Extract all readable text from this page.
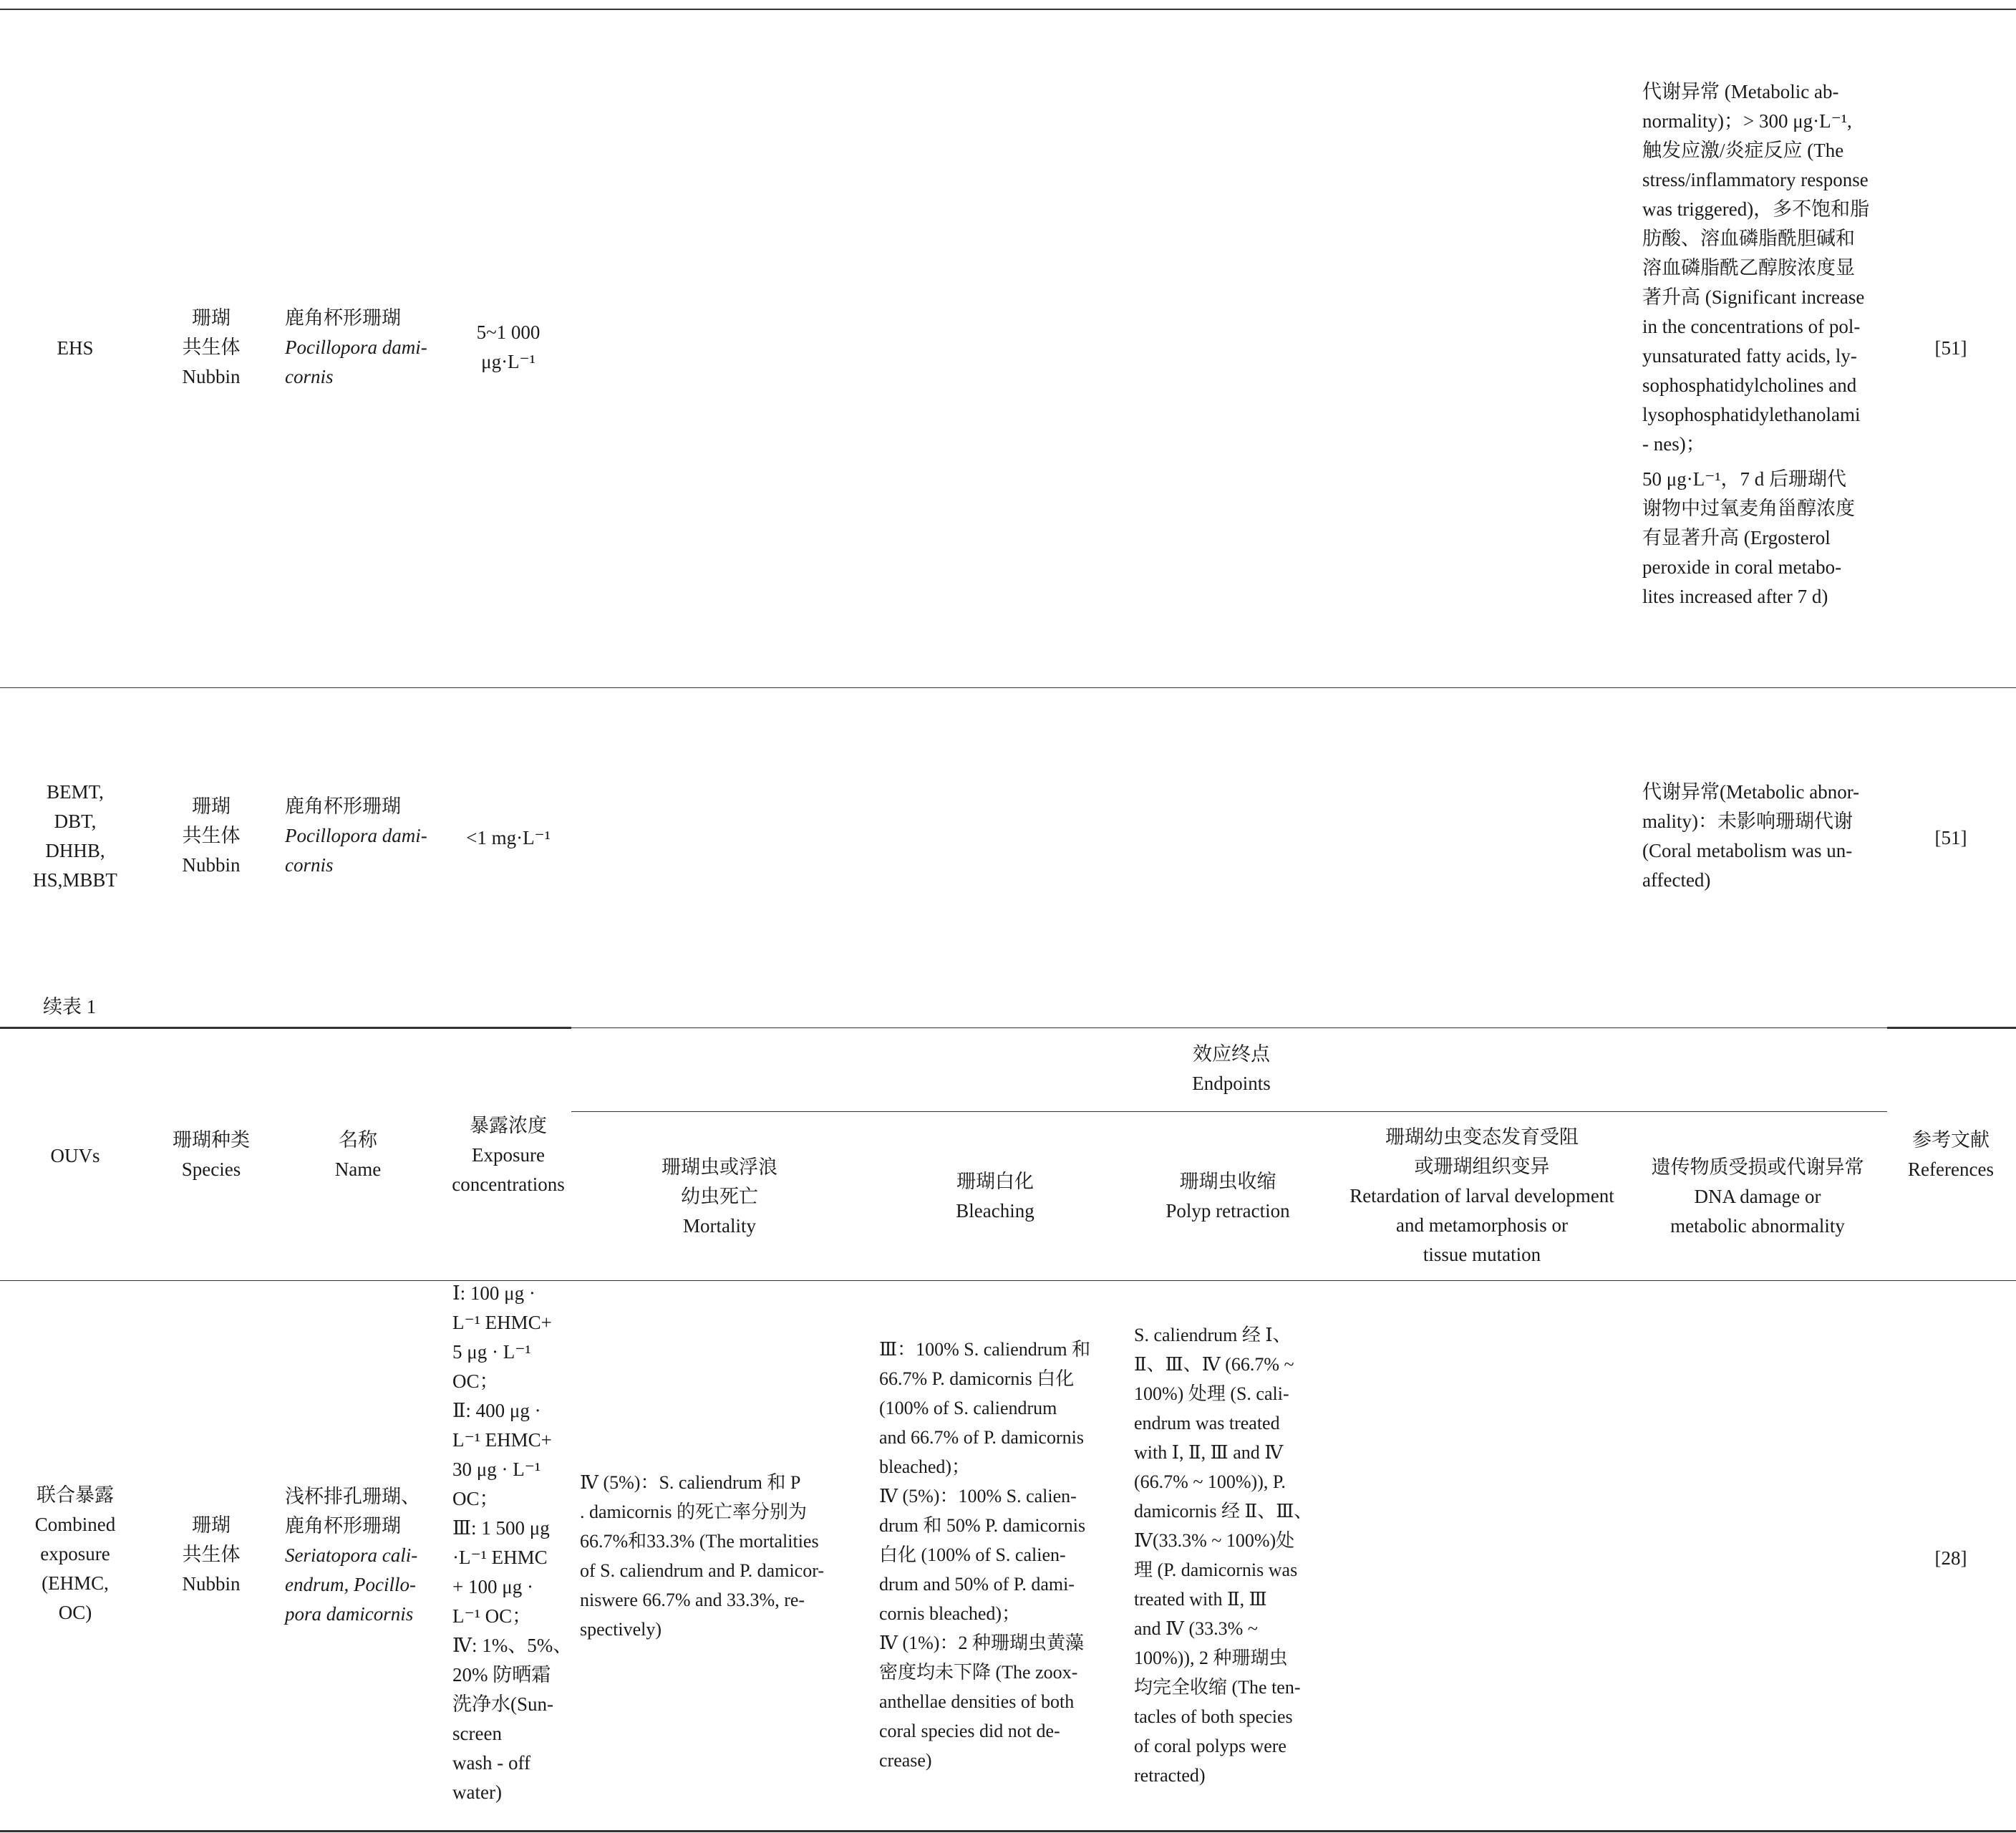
EHS
珊瑚
共生体
Nubbin
鹿角杯形珊瑚
Pocillopora dami-
cornis
5~1 000
μg·L⁻¹
代谢异常 (Metabolic ab-
normality)；> 300 μg·L⁻¹,
触发应激/炎症反应 (The
stress/inflammatory response
was triggered)，多不饱和脂
肪酸、溶血磷脂酰胆碱和
溶血磷脂酰乙醇胺浓度显
著升高 (Significant increase
in the concentrations of pol-
yunsaturated fatty acids, ly-
sophosphatidylcholines and
lysophosphatidylethanolami
- nes)；
50 μg·L⁻¹，7 d 后珊瑚代
谢物中过氧麦角甾醇浓度
有显著升高 (Ergosterol
peroxide in coral metabo-
lites increased after 7 d)
[51]
BEMT,
DBT,
DHHB,
HS,MBBT
珊瑚
共生体
Nubbin
鹿角杯形珊瑚
Pocillopora dami-
cornis
<1 mg·L⁻¹
代谢异常(Metabolic abnor-
mality)：未影响珊瑚代谢
(Coral metabolism was un-
affected)
[51]
续表 1
OUVs
珊瑚种类
Species
名称
Name
暴露浓度
Exposure
concentrations
效应终点
Endpoints
珊瑚虫或浮浪
幼虫死亡
Mortality
珊瑚白化
Bleaching
珊瑚虫收缩
Polyp retraction
珊瑚幼虫变态发育受阻
或珊瑚组织变异
Retardation of larval development
and metamorphosis or
tissue mutation
遗传物质受损或代谢异常
DNA damage or
metabolic abnormality
参考文献
References
联合暴露
Combined
exposure
(EHMC,
OC)
珊瑚
共生体
Nubbin
浅杯排孔珊瑚、
鹿角杯形珊瑚
Seriatopora cali-
endrum, Pocillo-
pora damicornis
Ⅰ: 100 μg ·
L⁻¹ EHMC+
5 μg · L⁻¹
OC；
Ⅱ: 400 μg ·
L⁻¹ EHMC+
30 μg · L⁻¹
OC；
Ⅲ: 1 500 μg
·L⁻¹ EHMC
+ 100 μg ·
L⁻¹ OC；
Ⅳ: 1%、5%、
20% 防晒霜
洗净水(Sun-
screen
wash - off
water)
Ⅳ (5%)：S. caliendrum 和 P
. damicornis 的死亡率分别为
66.7%和33.3% (The mortalities
of S. caliendrum and P. damicor-
niswere 66.7% and 33.3%, re-
spectively)
Ⅲ：100% S. caliendrum 和
66.7% P. damicornis 白化
(100% of S. caliendrum
and 66.7% of P. damicornis
bleached)；
Ⅳ (5%)：100% S. calien-
drum 和 50% P. damicornis
白化 (100% of S. calien-
drum and 50% of P. dami-
cornis bleached)；
Ⅳ (1%)：2 种珊瑚虫黄藻
密度均未下降 (The zoox-
anthellae densities of both
coral species did not de-
crease)
S. caliendrum 经 Ⅰ、
Ⅱ、Ⅲ、Ⅳ (66.7% ~
100%) 处理 (S. cali-
endrum was treated
with Ⅰ, Ⅱ, Ⅲ and Ⅳ
(66.7% ~ 100%)), P.
damicornis 经 Ⅱ、Ⅲ、
Ⅳ(33.3% ~ 100%)处
理 (P. damicornis was
treated with Ⅱ, Ⅲ
and Ⅳ (33.3% ~
100%)), 2 种珊瑚虫
均完全收缩 (The ten-
tacles of both species
of coral polyps were
retracted)
[28]
